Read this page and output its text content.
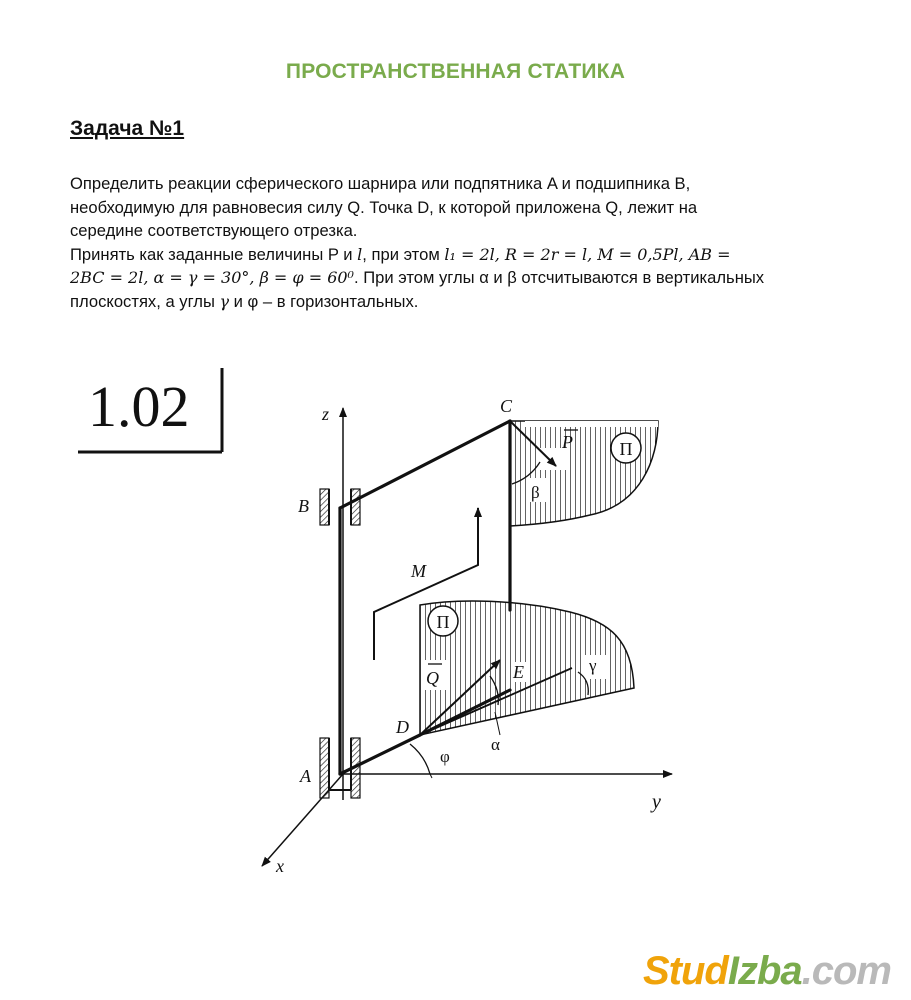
ПРОСТРАНСТВЕННАЯ СТАТИКА
Задача №1

Определить реакции сферического шарнира или подпятника A и подшипника B,

необходимую для равновесия силу Q. Точка D, к которой приложена Q, лежит на

середине соответствующего отрезка.

Принять как заданные величины P и l, при этом l₁ = 2l, R = 2r = l, M = 0,5Pl, AB =

2BC = 2l, α = γ = 30°, β = φ = 60⁰. При этом углы α и β отсчитываются в вертикальных

плоскостях, а углы γ и φ – в горизонтальных.

1.02
П
П
z
y
x
B
A
C
D
E
M
P
β
Q
α
γ
φ
StudIzba.com
